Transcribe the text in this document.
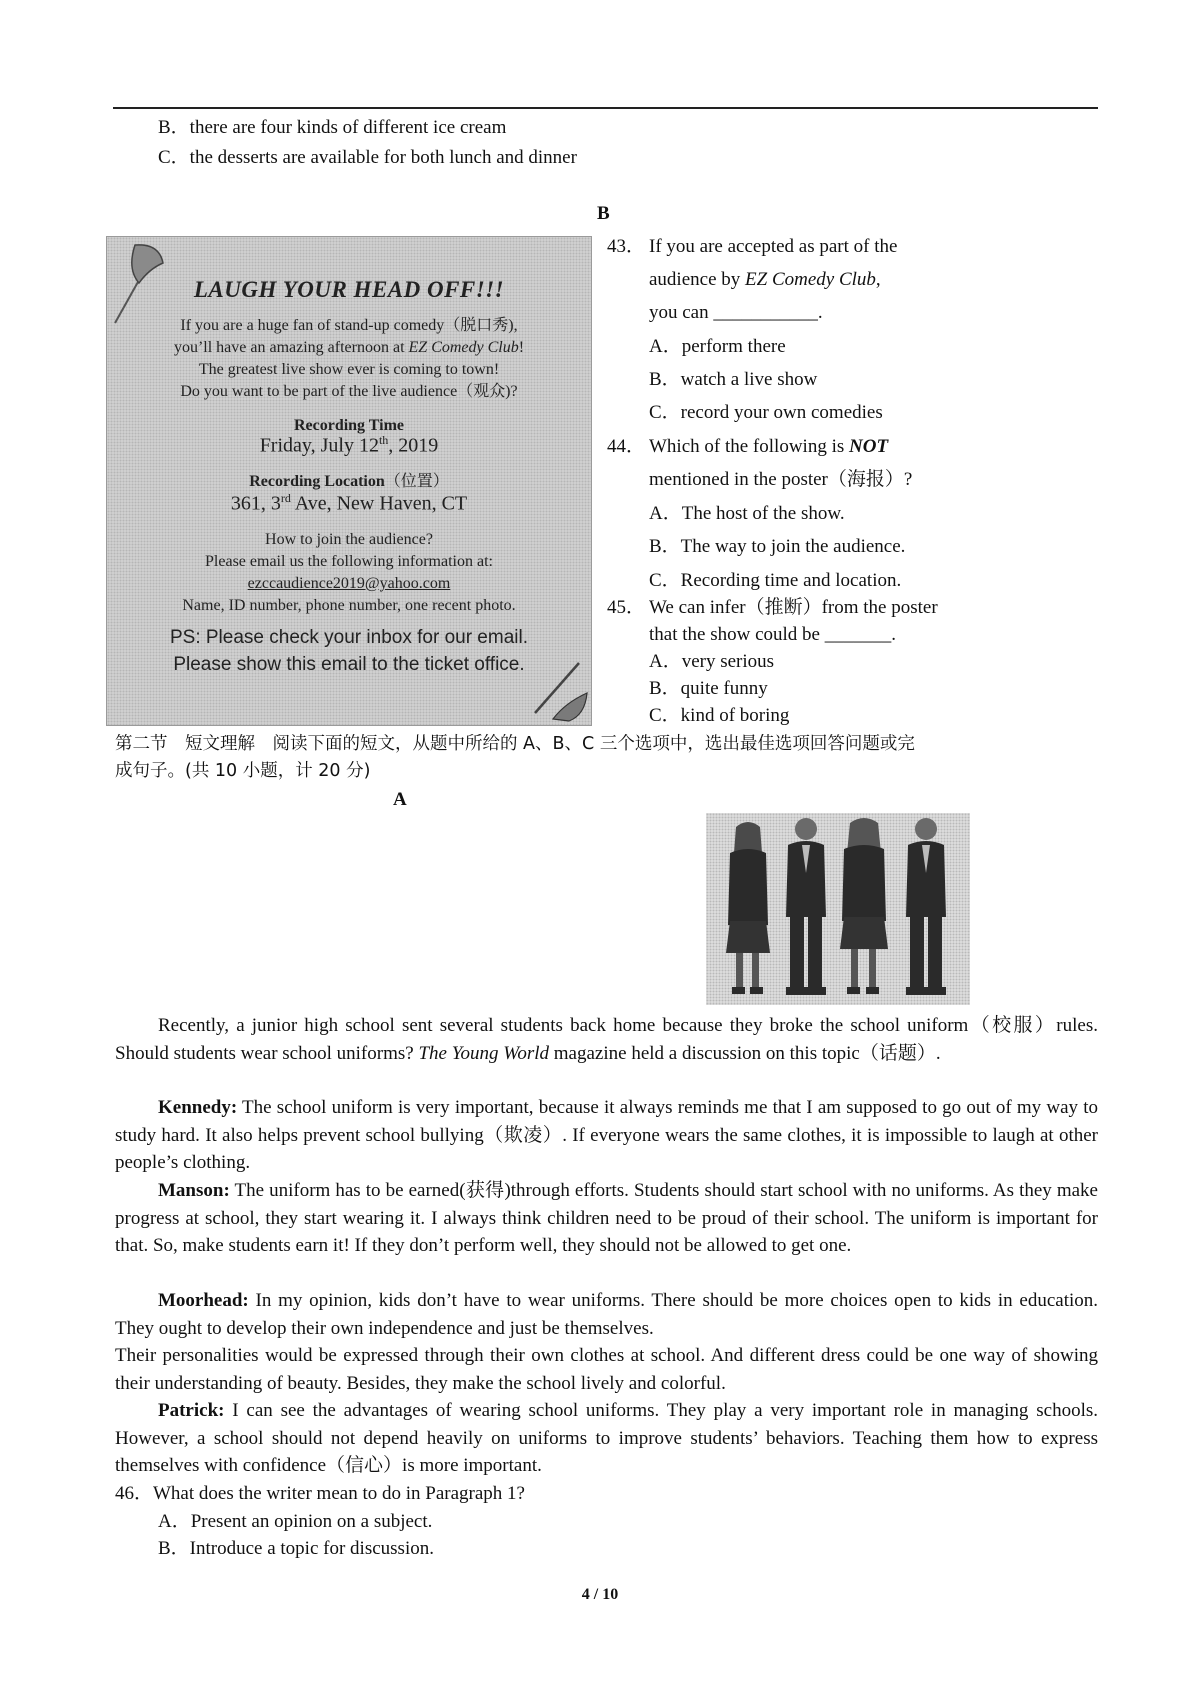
B．there are four kinds of different ice cream
C．the desserts are available for both lunch and dinner
B
LAUGH YOUR HEAD OFF!!!
If you are a huge fan of stand-up comedy（脱口秀),
you’ll have an amazing afternoon at EZ Comedy Club!
The greatest live show ever is coming to town!
Do you want to be part of the live audience（观众)?
Recording Time
Friday, July 12th, 2019
Recording Location（位置）
361, 3rd Ave, New Haven, CT
How to join the audience?
Please email us the following information at:
ezccaudience2019@yahoo.com
Name, ID number, phone number, one recent photo.
PS: Please check your inbox for our email.
Please show this email to the ticket office.
43． If you are accepted as part of the
audience by EZ Comedy Club,
you can ___________.
A．perform there
B．watch a live show
C．record your own comedies
44． Which of the following is NOT
mentioned in the poster（海报）?
A．The host of the show.
B．The way to join the audience.
C．Recording time and location.
45． We can infer（推断）from the poster
that the show could be _______.
A．very serious
B．quite funny
C．kind of boring
第二节　短文理解　阅读下面的短文，从题中所给的 A、B、C 三个选项中，选出最佳选项回答问题或完
成句子。(共 10 小题，计 20 分)
A
Recently, a junior high school sent several students back home because they broke the school uniform（校服）rules. Should students wear school uniforms? The Young World magazine held a discussion on this topic（话题）.
Kennedy: The school uniform is very important, because it always reminds me that I am supposed to go out of my way to study hard. It also helps prevent school bullying（欺凌）. If everyone wears the same clothes, it is impossible to laugh at other people’s clothing.
Manson: The uniform has to be earned(获得)through efforts. Students should start school with no uniforms. As they make progress at school, they start wearing it. I always think children need to be proud of their school. The uniform is important for that. So, make students earn it! If they don’t perform well, they should not be allowed to get one.
Moorhead: In my opinion, kids don’t have to wear uniforms. There should be more choices open to kids in education. They ought to develop their own independence and just be themselves.
Their personalities would be expressed through their own clothes at school. And different dress could be one way of showing their understanding of beauty. Besides, they make the school lively and colorful.
Patrick: I can see the advantages of wearing school uniforms. They play a very important role in managing schools. However, a school should not depend heavily on uniforms to improve students’ behaviors. Teaching them how to express themselves with confidence（信心）is more important.
46．What does the writer mean to do in Paragraph 1?
A．Present an opinion on a subject.
B．Introduce a topic for discussion.
4 / 10
